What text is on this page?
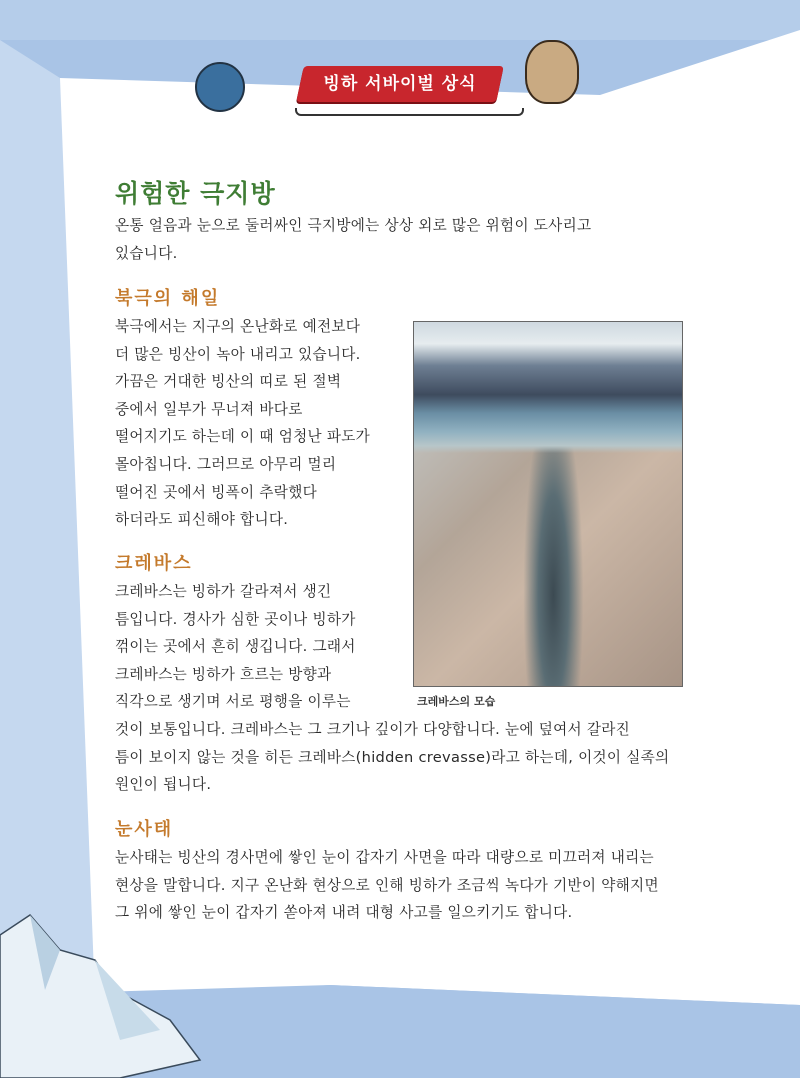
빙하 서바이벌 상식
위험한 극지방
온통 얼음과 눈으로 둘러싸인 극지방에는 상상 외로 많은 위험이 도사리고
있습니다.
북극의 해일
북극에서는 지구의 온난화로 예전보다
더 많은 빙산이 녹아 내리고 있습니다.
가끔은 거대한 빙산의 띠로 된 절벽
중에서 일부가 무너져 바다로
떨어지기도 하는데 이 때 엄청난 파도가
몰아칩니다. 그러므로 아무리 멀리
떨어진 곳에서 빙폭이 추락했다
하더라도 피신해야 합니다.
크레바스
크레바스는 빙하가 갈라져서 생긴
틈입니다. 경사가 심한 곳이나 빙하가
꺾이는 곳에서 흔히 생깁니다. 그래서
크레바스는 빙하가 흐르는 방향과
직각으로 생기며 서로 평행을 이루는
것이 보통입니다. 크레바스는 그 크기나 깊이가 다양합니다. 눈에 덮여서 갈라진
틈이 보이지 않는 것을 히든 크레바스(hidden crevasse)라고 하는데, 이것이 실족의
원인이 됩니다.
눈사태
눈사태는 빙산의 경사면에 쌓인 눈이 갑자기 사면을 따라 대량으로 미끄러져 내리는
현상을 말합니다. 지구 온난화 현상으로 인해 빙하가 조금씩 녹다가 기반이 약해지면
그 위에 쌓인 눈이 갑자기 쏟아져 내려 대형 사고를 일으키기도 합니다.
크레바스의 모습
